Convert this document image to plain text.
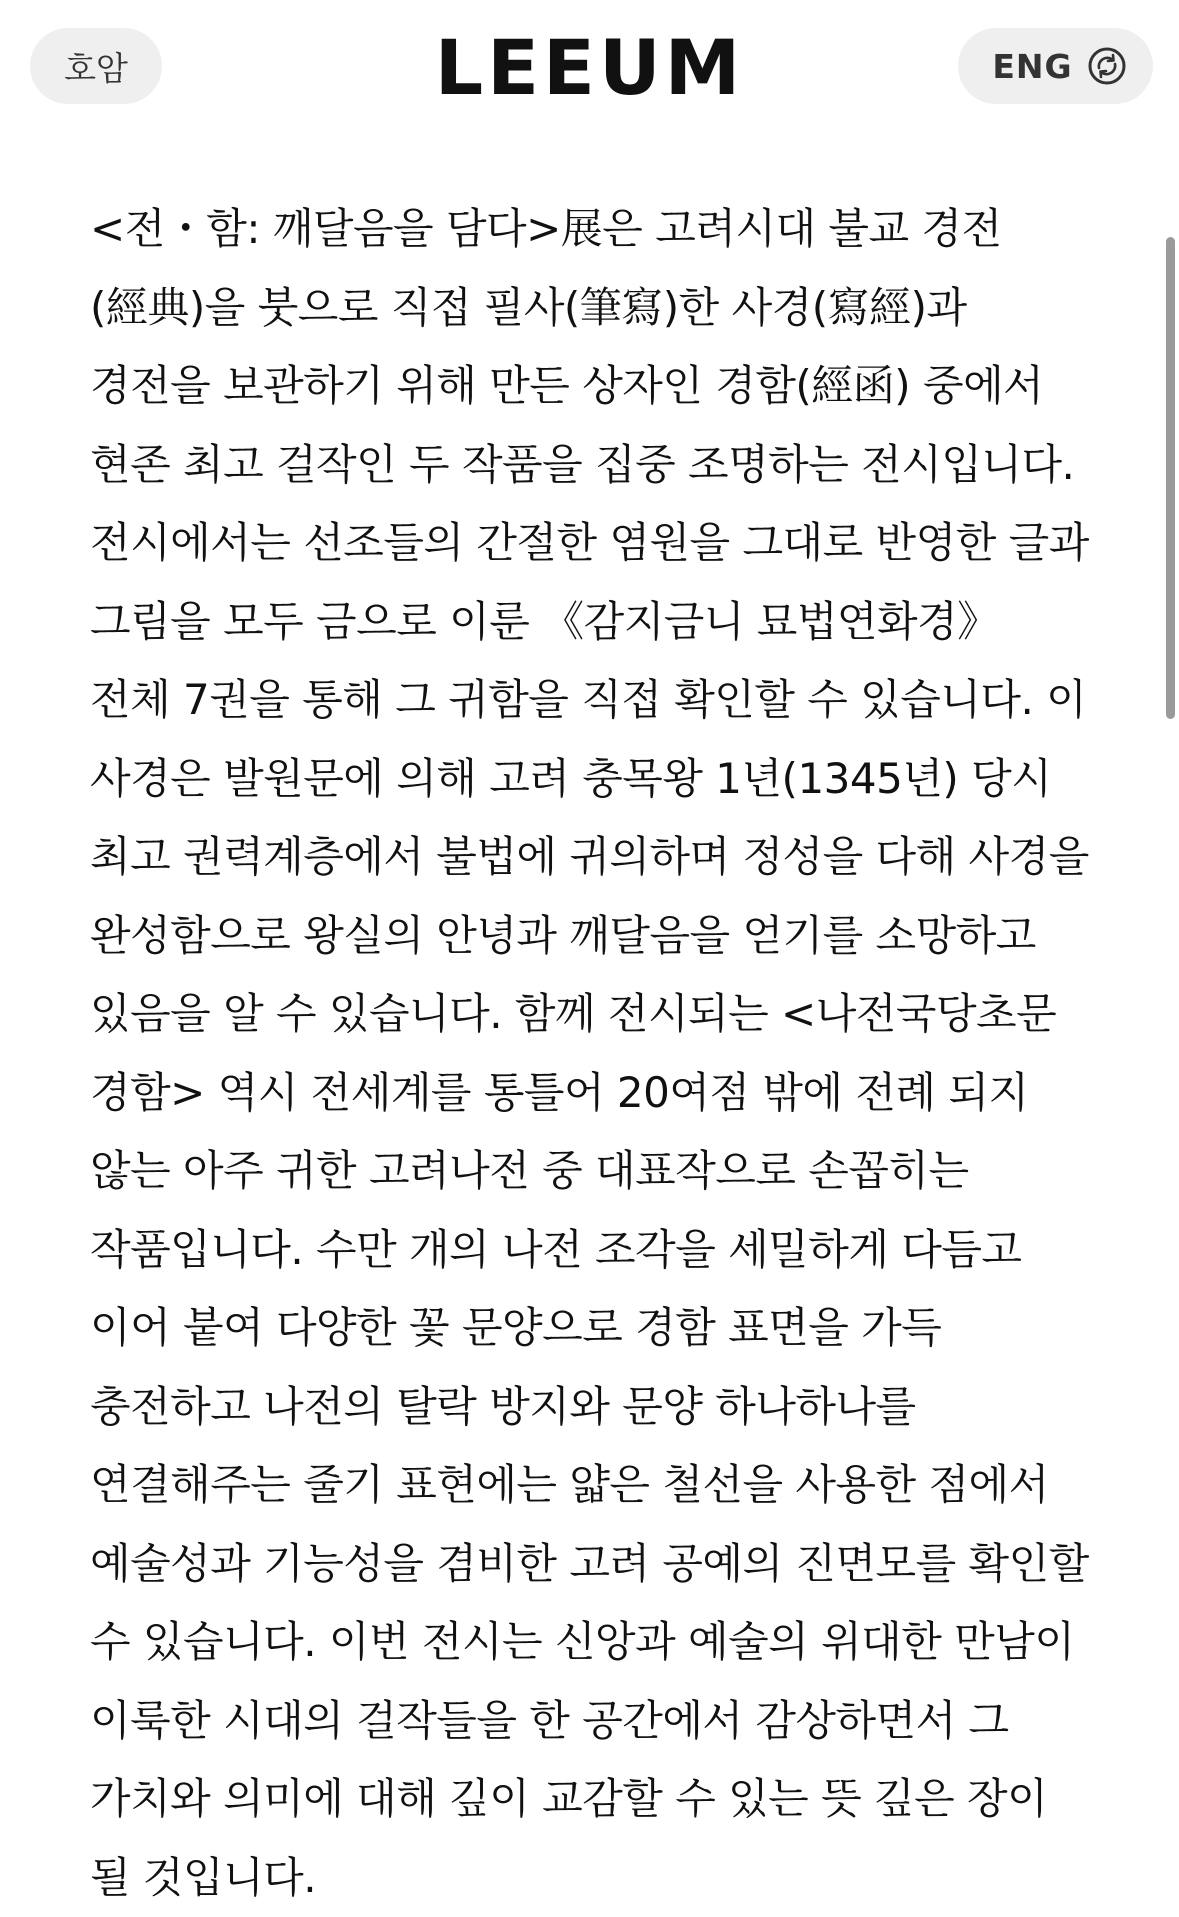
호암	LEEUM	ENG
<전・함: 깨달음을 담다>展은 고려시대 불교 경전(經典)을 붓으로 직접 필사(筆寫)한 사경(寫經)과 경전을 보관하기 위해 만든 상자인 경함(經函) 중에서 현존 최고 걸작인 두 작품을 집중 조명하는 전시입니다. 전시에서는 선조들의 간절한 염원을 그대로 반영한 글과 그림을 모두 금으로 이룬 《감지금니 묘법연화경》 전체 7권을 통해 그 귀함을 직접 확인할 수 있습니다. 이 사경은 발원문에 의해 고려 충목왕 1년(1345년) 당시 최고 권력계층에서 불법에 귀의하며 정성을 다해 사경을 완성함으로 왕실의 안녕과 깨달음을 얻기를 소망하고 있음을 알 수 있습니다. 함께 전시되는 <나전국당초문 경함> 역시 전세계를 통틀어 20여점 밖에 전례 되지 않는 아주 귀한 고려나전 중 대표작으로 손꼽히는 작품입니다. 수만 개의 나전 조각을 세밀하게 다듬고 이어 붙여 다양한 꽃 문양으로 경함 표면을 가득 충전하고 나전의 탈락 방지와 문양 하나하나를 연결해주는 줄기 표현에는 얇은 철선을 사용한 점에서 예술성과 기능성을 겸비한 고려 공예의 진면모를 확인할 수 있습니다. 이번 전시는 신앙과 예술의 위대한 만남이 이룩한 시대의 걸작들을 한 공간에서 감상하면서 그 가치와 의미에 대해 깊이 교감할 수 있는 뜻 깊은 장이 될 것입니다.
